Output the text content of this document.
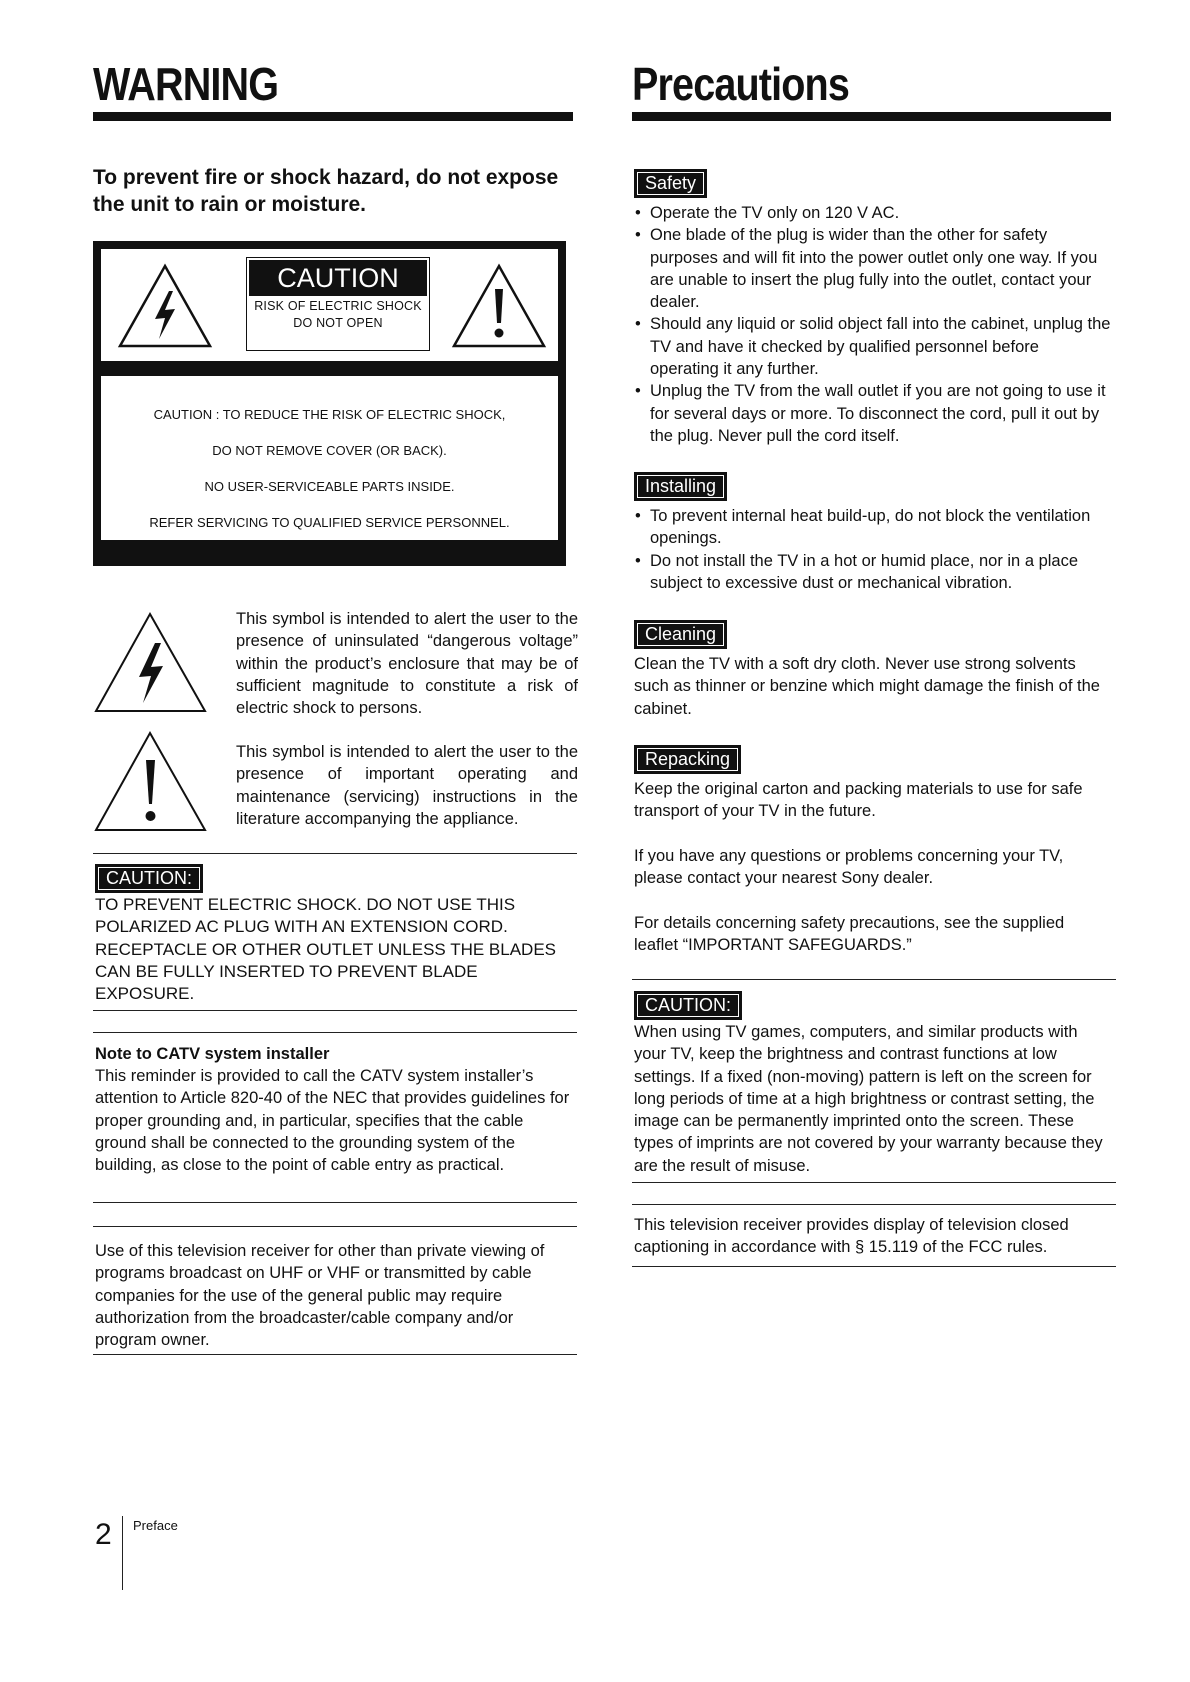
WARNING

To prevent fire or shock hazard, do not expose the unit to rain or moisture.

CAUTION

RISK OF ELECTRIC SHOCK

DO NOT OPEN

CAUTION : TO REDUCE THE RISK OF ELECTRIC SHOCK,

DO NOT REMOVE COVER (OR BACK).

NO USER-SERVICEABLE PARTS INSIDE.

REFER SERVICING TO QUALIFIED SERVICE PERSONNEL.

This symbol is intended to alert the user to the presence of uninsulated “dangerous voltage” within the product’s enclosure that may be of sufficient magnitude to constitute a risk of electric shock to persons.

This symbol is intended to alert the user to the presence of important operating and maintenance (servicing) instructions in the literature accompanying the appliance.

CAUTION:

TO PREVENT ELECTRIC SHOCK. DO NOT USE THIS POLARIZED AC PLUG WITH AN EXTENSION CORD. RECEPTACLE OR OTHER OUTLET UNLESS THE BLADES CAN BE FULLY INSERTED TO PREVENT BLADE EXPOSURE.

Note to CATV system installer

This reminder is provided to call the CATV system installer’s attention to Article 820-40 of the NEC that provides guidelines for proper grounding and, in particular, specifies that the cable ground shall be connected to the grounding system of the building, as close to the point of cable entry as practical.

Use of this television receiver for other than private viewing of programs broadcast on UHF or VHF or transmitted by cable companies for the use of the general public may require authorization from the broadcaster/cable company and/or program owner.

2 Preface
Precautions
Safety
• Operate the TV only on 120 V AC.
• One blade of the plug is wider than the other for safety purposes and will fit into the power outlet only one way. If you are unable to insert the plug fully into the outlet, contact your dealer.
• Should any liquid or solid object fall into the cabinet, unplug the TV and have it checked by qualified personnel before operating it any further.
• Unplug the TV from the wall outlet if you are not going to use it for several days or more. To disconnect the cord, pull it out by the plug. Never pull the cord itself.
Installing
• To prevent internal heat build-up, do not block the ventilation openings.
• Do not install the TV in a hot or humid place, nor in a place subject to excessive dust or mechanical vibration.
Cleaning

Clean the TV with a soft dry cloth. Never use strong solvents such as thinner or benzine which might damage the finish of the cabinet.

Repacking

Keep the original carton and packing materials to use for safe transport of your TV in the future.

If you have any questions or problems concerning your TV, please contact your nearest Sony dealer.

For details concerning safety precautions, see the supplied leaflet “IMPORTANT SAFEGUARDS.”

CAUTION:

When using TV games, computers, and similar products with your TV, keep the brightness and contrast functions at low settings. If a fixed (non-moving) pattern is left on the screen for long periods of time at a high brightness or contrast setting, the image can be permanently imprinted onto the screen. These types of imprints are not covered by your warranty because they are the result of misuse.

This television receiver provides display of television closed captioning in accordance with § 15.119 of the FCC rules.
